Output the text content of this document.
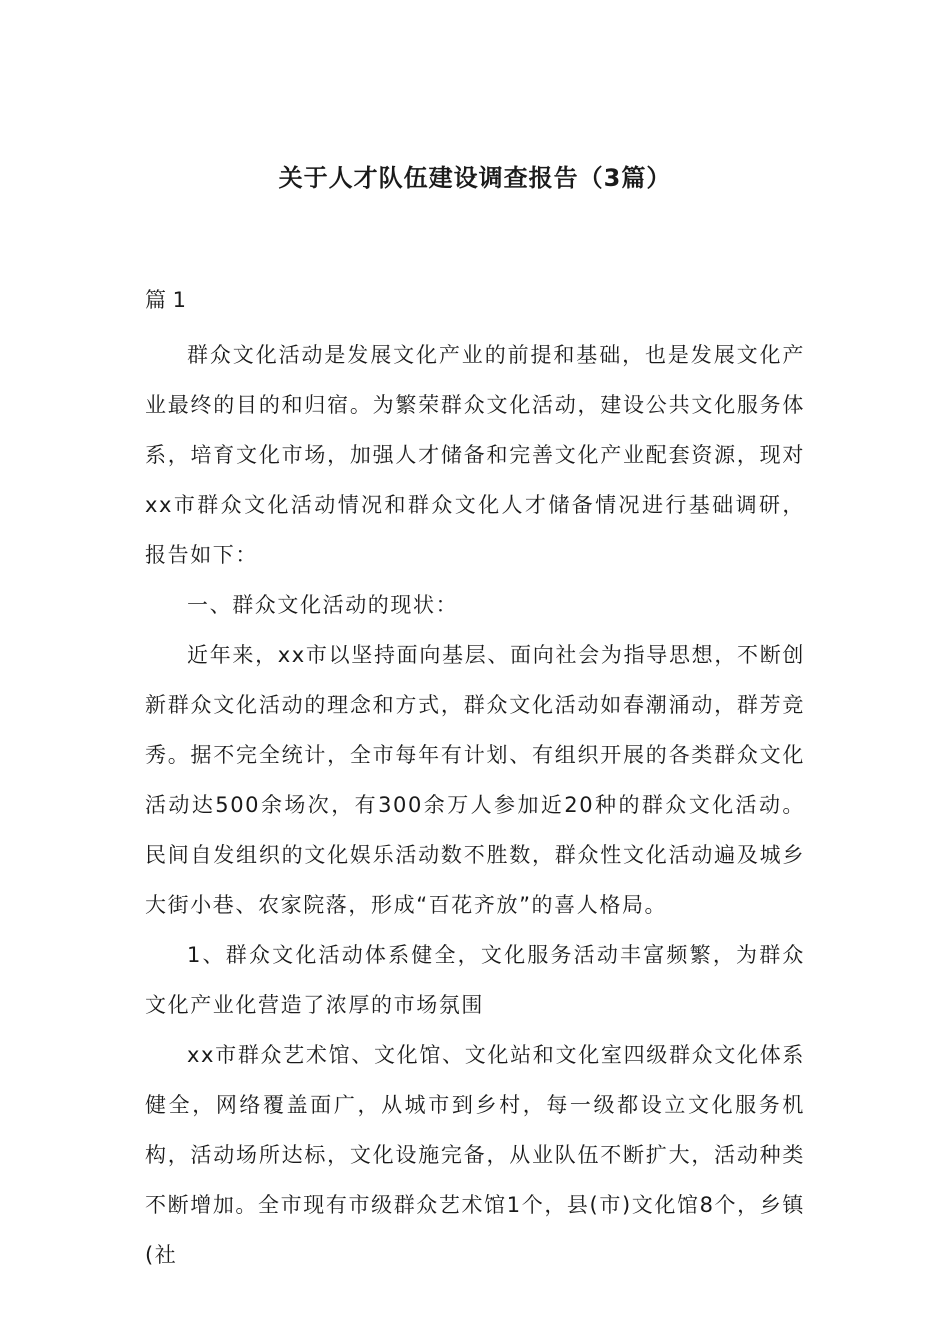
关于人才队伍建设调查报告（3篇）
篇 1

群众文化活动是发展文化产业的前提和基础，也是发展文化产业最终的目的和归宿。为繁荣群众文化活动，建设公共文化服务体系，培育文化市场，加强人才储备和完善文化产业配套资源，现对xx市群众文化活动情况和群众文化人才储备情况进行基础调研，报告如下：

一、群众文化活动的现状：

近年来，xx市以坚持面向基层、面向社会为指导思想，不断创新群众文化活动的理念和方式，群众文化活动如春潮涌动，群芳竞秀。据不完全统计，全市每年有计划、有组织开展的各类群众文化活动达500余场次，有300余万人参加近20种的群众文化活动。民间自发组织的文化娱乐活动数不胜数，群众性文化活动遍及城乡大街小巷、农家院落，形成“百花齐放”的喜人格局。

1、群众文化活动体系健全，文化服务活动丰富频繁，为群众文化产业化营造了浓厚的市场氛围

xx市群众艺术馆、文化馆、文化站和文化室四级群众文化体系健全，网络覆盖面广，从城市到乡村，每一级都设立文化服务机构，活动场所达标，文化设施完备，从业队伍不断扩大，活动种类不断增加。全市现有市级群众艺术馆1个，县(市)文化馆8个，乡镇(社
